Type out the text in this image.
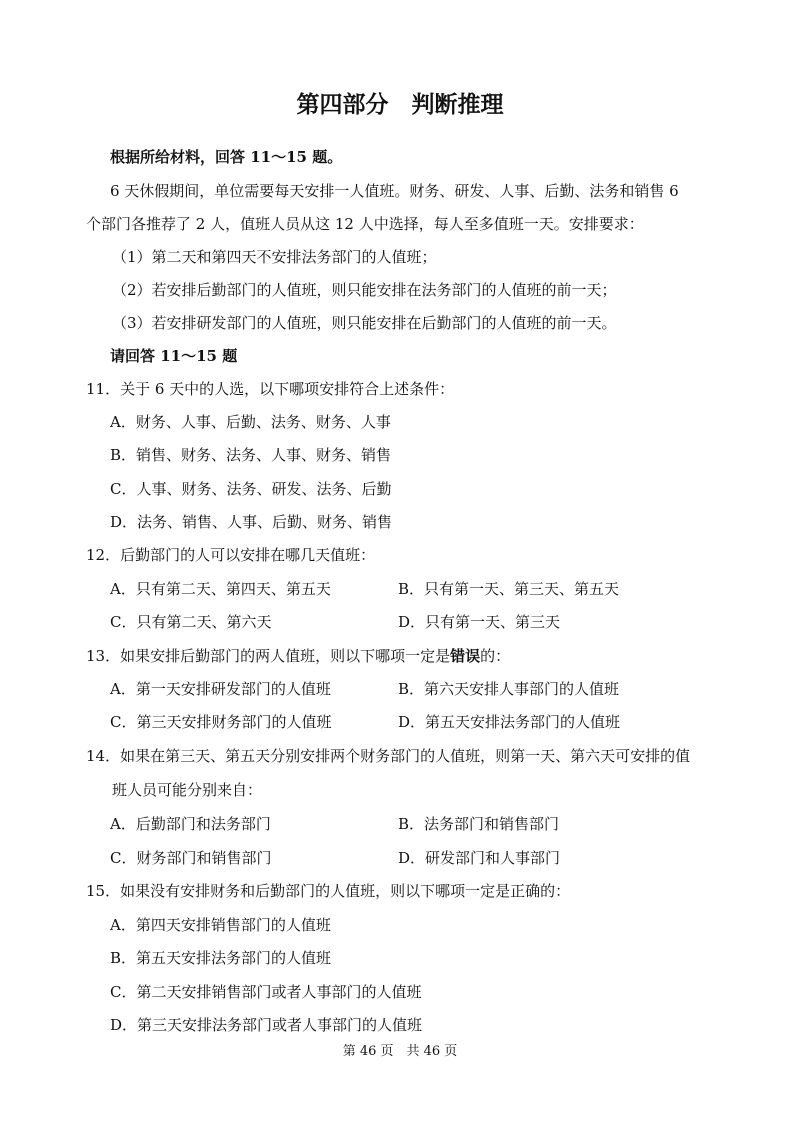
第四部分　判断推理
根据所给材料，回答 11～15 题。
6 天休假期间，单位需要每天安排一人值班。财务、研发、人事、后勤、法务和销售 6
个部门各推荐了 2 人，值班人员从这 12 人中选择，每人至多值班一天。安排要求：
（1）第二天和第四天不安排法务部门的人值班；
（2）若安排后勤部门的人值班，则只能安排在法务部门的人值班的前一天；
（3）若安排研发部门的人值班，则只能安排在后勤部门的人值班的前一天。
请回答 11～15 题
11．关于 6 天中的人选，以下哪项安排符合上述条件：
A．财务、人事、后勤、法务、财务、人事
B．销售、财务、法务、人事、财务、销售
C．人事、财务、法务、研发、法务、后勤
D．法务、销售、人事、后勤、财务、销售
12．后勤部门的人可以安排在哪几天值班：
A．只有第二天、第四天、第五天	B．只有第一天、第三天、第五天
C．只有第二天、第六天	D．只有第一天、第三天
13．如果安排后勤部门的两人值班，则以下哪项一定是错误的：
A．第一天安排研发部门的人值班	B．第六天安排人事部门的人值班
C．第三天安排财务部门的人值班	D．第五天安排法务部门的人值班
14．如果在第三天、第五天分别安排两个财务部门的人值班，则第一天、第六天可安排的值
班人员可能分别来自：
A．后勤部门和法务部门	B．法务部门和销售部门
C．财务部门和销售部门	D．研发部门和人事部门
15．如果没有安排财务和后勤部门的人值班，则以下哪项一定是正确的：
A．第四天安排销售部门的人值班
B．第五天安排法务部门的人值班
C．第二天安排销售部门或者人事部门的人值班
D．第三天安排法务部门或者人事部门的人值班
第 46 页　共 46 页
